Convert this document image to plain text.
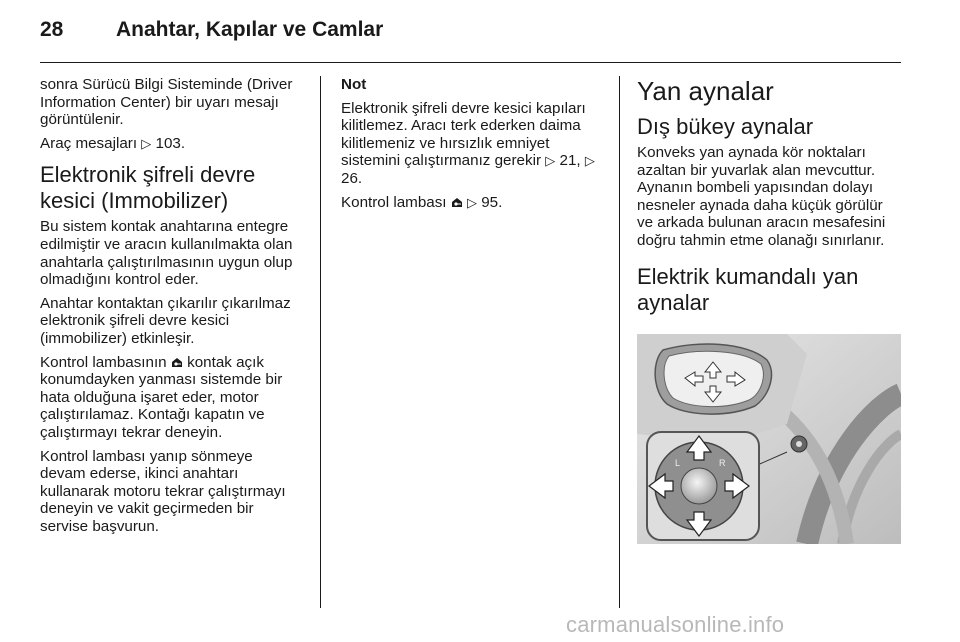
28	Anahtar, Kapılar ve Camlar

sonra Sürücü Bilgi Sisteminde (Driver Information Center) bir uyarı mesajı görüntülenir.

Araç mesajları ▷ 103.

Elektronik şifreli devre kesici (Immobilizer)

Bu sistem kontak anahtarına entegre edilmiştir ve aracın kullanılmakta olan anahtarla çalıştırılmasının uygun olup olmadığını kontrol eder.

Anahtar kontaktan çıkarılır çıkarılmaz elektronik şifreli devre kesici (immobilizer) etkinleşir.

Kontrol lambasının kontak açık konumdayken yanması sistemde bir hata olduğuna işaret eder, motor çalıştırılamaz. Kontağı kapatın ve çalıştırmayı tekrar deneyin.

Kontrol lambası yanıp sönmeye devam ederse, ikinci anahtarı kullanarak motoru tekrar çalıştırmayı deneyin ve vakit geçirmeden bir servise başvurun.

Not

Elektronik şifreli devre kesici kapıları kilitlemez. Aracı terk ederken daima kilitlemeniz ve hırsızlık emniyet sistemini çalıştırmanız gerekir ▷ 21, ▷ 26.

Kontrol lambası ▷ 95.

Yan aynalar
Dış bükey aynalar

Konveks yan aynada kör noktaları azaltan bir yuvarlak alan mevcuttur. Aynanın bombeli yapısından dolayı nesneler aynada daha küçük görülür ve arkada bulunan aracın mesafesini doğru tahmin etme olanağı sınırlanır.

Elektrik kumandalı yan aynalar
L	R
carmanualsonline.info
